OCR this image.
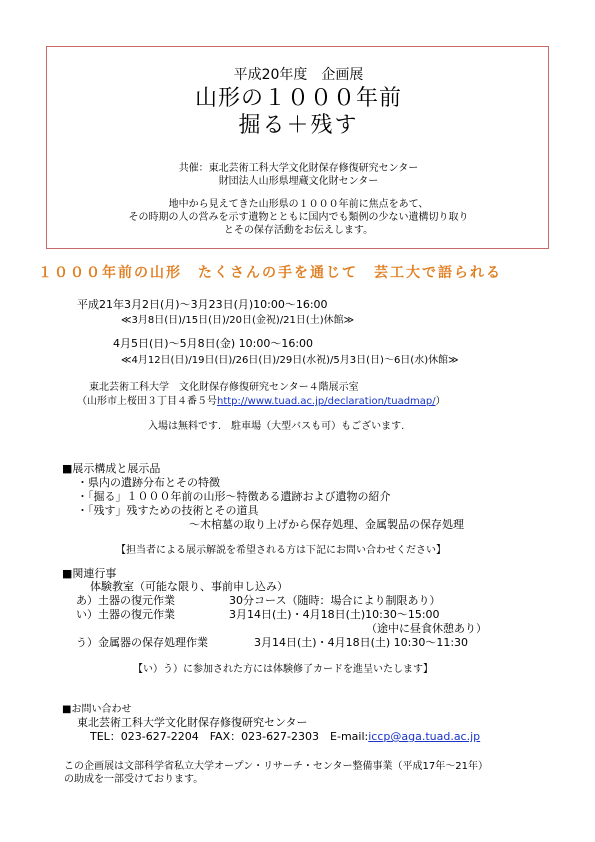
平成20年度　企画展
山形の１０００年前
掘る＋残す
共催：東北芸術工科大学文化財保存修復研究センター
財団法人山形県埋蔵文化財センター
地中から見えてきた山形県の１０００年前に焦点をあて、
その時期の人の営みを示す遺物とともに国内でも類例の少ない遺構切り取り
とその保存活動をお伝えします。
１０００年前の山形　たくさんの手を通じて　芸工大で語られる
平成21年3月2日(月)～3月23日(月)10:00～16:00
≪3月8日(日)/15日(日)/20日(金祝)/21日(土)休館≫
4月5日(日)～5月8日(金) 10:00～16:00
≪4月12日(日)/19日(日)/26日(日)/29日(水祝)/5月3日(日)～6日(水)休館≫
東北芸術工科大学　文化財保存修復研究センター４階展示室
（山形市上桜田３丁目４番５号http://www.tuad.ac.jp/declaration/tuadmap/）
入場は無料です.　駐車場（大型バスも可）もございます.
■展示構成と展示品
・県内の遺跡分布とその特徴
・「掘る」１０００年前の山形～特徴ある遺跡および遺物の紹介
・「残す」残すための技術とその道具
～木棺墓の取り上げから保存処理、金属製品の保存処理
【担当者による展示解説を希望される方は下記にお問い合わせください】
■関連行事
体験教室（可能な限り、事前申し込み）
あ）土器の復元作業	30分コース（随時：場合により制限あり）
い）土器の復元作業	3月14日(土)・4月18日(土)10:30～15:00
（途中に昼食休憩あり）
う）金属器の保存処理作業	3月14日(土)・4月18日(土) 10:30～11:30
【い）う）に参加された方には体験修了カードを進呈いたします】
■お問い合わせ
東北芸術工科大学文化財保存修復研究センター
TEL：023-627-2204　FAX：023-627-2303　E-mail:iccp@aga.tuad.ac.jp
この企画展は文部科学省私立大学オープン・リサーチ・センター整備事業（平成17年～21年）
の助成を一部受けております。
